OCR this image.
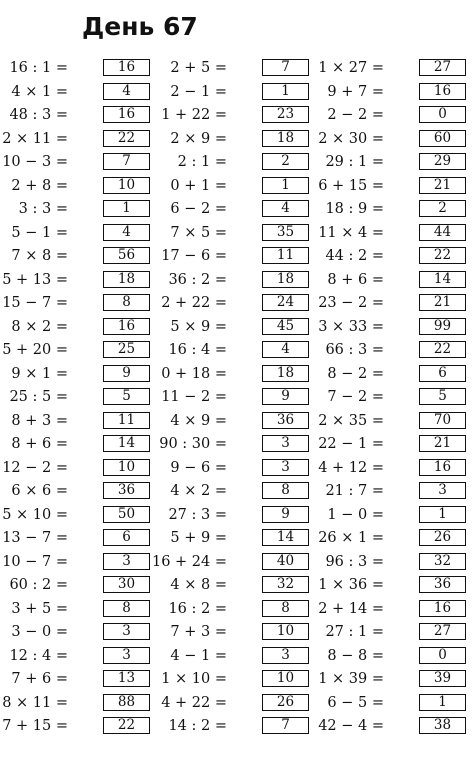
День 67
16 : 1 =	16
4 × 1 =	4
48 : 3 =	16
2 × 11 =	22
10 − 3 =	7
2 + 8 =	10
3 : 3 =	1
5 − 1 =	4
7 × 8 =	56
5 + 13 =	18
15 − 7 =	8
8 × 2 =	16
5 + 20 =	25
9 × 1 =	9
25 : 5 =	5
8 + 3 =	11
8 + 6 =	14
12 − 2 =	10
6 × 6 =	36
5 × 10 =	50
13 − 7 =	6
10 − 7 =	3
60 : 2 =	30
3 + 5 =	8
3 − 0 =	3
12 : 4 =	3
7 + 6 =	13
8 × 11 =	88
7 + 15 =	22
2 + 5 =	7
2 − 1 =	1
1 + 22 =	23
2 × 9 =	18
2 : 1 =	2
0 + 1 =	1
6 − 2 =	4
7 × 5 =	35
17 − 6 =	11
36 : 2 =	18
2 + 22 =	24
5 × 9 =	45
16 : 4 =	4
0 + 18 =	18
11 − 2 =	9
4 × 9 =	36
90 : 30 =	3
9 − 6 =	3
4 × 2 =	8
27 : 3 =	9
5 + 9 =	14
16 + 24 =	40
4 × 8 =	32
16 : 2 =	8
7 + 3 =	10
4 − 1 =	3
1 × 10 =	10
4 + 22 =	26
14 : 2 =	7
1 × 27 =	27
9 + 7 =	16
2 − 2 =	0
2 × 30 =	60
29 : 1 =	29
6 + 15 =	21
18 : 9 =	2
11 × 4 =	44
44 : 2 =	22
8 + 6 =	14
23 − 2 =	21
3 × 33 =	99
66 : 3 =	22
8 − 2 =	6
7 − 2 =	5
2 × 35 =	70
22 − 1 =	21
4 + 12 =	16
21 : 7 =	3
1 − 0 =	1
26 × 1 =	26
96 : 3 =	32
1 × 36 =	36
2 + 14 =	16
27 : 1 =	27
8 − 8 =	0
1 × 39 =	39
6 − 5 =	1
42 − 4 =	38
